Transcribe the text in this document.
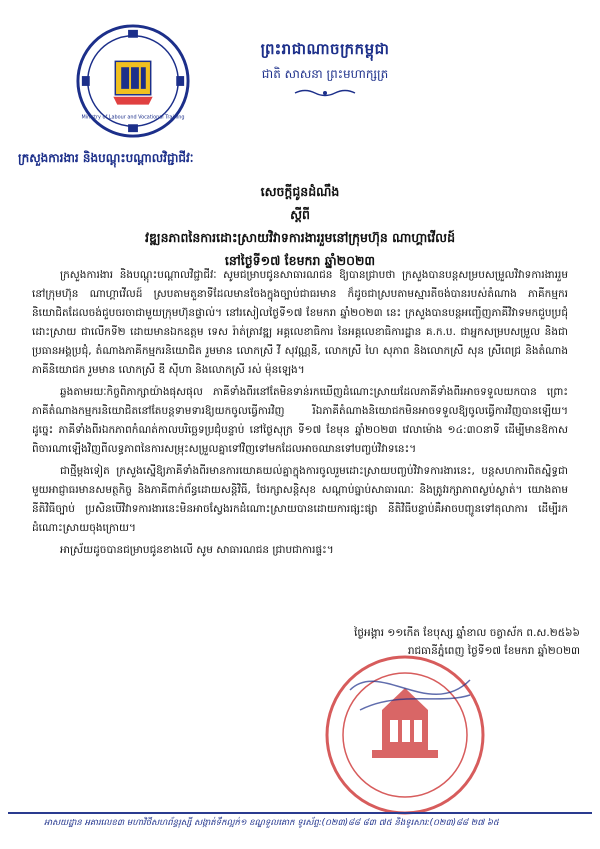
Ministry of Labour and Vocational Training
ព្រះរាជាណាចក្រកម្ពុជា
ជាតិ សាសនា ព្រះមហាក្សត្រ
ក្រសួងការងារ និងបណ្តុះបណ្តាលវិជ្ជាជីវៈ
សេចក្តីជូនដំណឹង
ស្តីពី
វឌ្ឍនភាពនៃការដោះស្រាយវិវាទការងាររួមនៅក្រុមហ៊ុន ណាហ្គាវើលដ៍
នៅថ្ងៃទី១៧ ខែមករា ឆ្នាំ២០២៣

ក្រសួងការងារ និងបណ្តុះបណ្តាលវិជ្ជាជីវៈ សូមជម្រាបជូនសាធារណជន ឱ្យបានជ្រាបថា ក្រសួងបានបន្តសម្របសម្រួលវិវាទការងាររួមនៅក្រុមហ៊ុន ណាហ្គាវើលដ៍ ស្របតាមតួនាទីដែលមានចែងក្នុងច្បាប់ជាធរមាន ក៏ដូចជាស្របតាមស្មារតីចង់បានរបស់តំណាង ភាគីកម្មករនិយោជិតដែលចង់ជួបចរចាជាមួយក្រុមហ៊ុនផ្ទាល់។ នៅរសៀលថ្ងៃទី១៧ ខែមករា ឆ្នាំ២០២៣ នេះ ក្រសួងបានបន្តអញ្ជើញភាគីវិវាទមកជួបប្រជុំដោះស្រាយ ជាលើកទី២ ដោយមានឯកឧត្តម ទេស រ៉ាត់ត្រាវឌ្ឍ អគ្គលេខាធិការ នៃអគ្គលេខាធិការដ្ឋាន គ.ក.ប. ជាអ្នកសម្របសម្រួល និងជាប្រធានអង្គប្រជុំ, តំណាងភាគីកម្មករនិយោជិត រួមមាន លោកស្រី វី សុវណ្ណនី, លោកស្រី ហៃ សុភាព និងលោកស្រី សុន ស្រីពេជ្រ និងតំណាងភាគីនិយោជក រួមមាន លោកស្រី ឌី ស៊ីហា និងលោកស្រី រស់ ម៉ុនឡេង។

ឆ្លងតាមរយៈកិច្ចពិភាក្សាយ៉ាងផុសផុល ភាគីទាំងពីរនៅតែមិនទាន់រកឃើញដំណោះស្រាយដែលភាគីទាំងពីរអាចទទួលយកបាន ព្រោះភាគីតំណាងកម្មករនិយោជិតនៅតែបន្តទាមទារឱ្យយកចូលធ្វើការវិញ រីឯភាគីតំណាងនិយោជកមិនអាចទទួលឱ្យចូលធ្វើការវិញបានឡើយ។ ដូច្នេះ ភាគីទាំងពីរឯកភាពកំណត់កាលបរិច្ឆេទប្រជុំបន្ទាប់ នៅថ្ងៃសុក្រ ទី១៧ ខែមុន ឆ្នាំ២០២៣ វេលាម៉ោង ១៤:៣០នាទី ដើម្បីមានឱកាសពិចារណាឡើងវិញពីលទ្ធភាពនៃការសម្រុះសម្រួលគ្នាទៅវិញទៅមកដែលអាចឈានទៅបញ្ចប់វិវាទនេះ។

ជាថ្មីម្តងទៀត ក្រសួងស្នើឱ្យភាគីទាំងពីរមានការយោគយល់គ្នាក្នុងការចូលរួមដោះស្រាយបញ្ចប់វិវាទការងារនេះ, បន្តសហការពិតស្និទ្ធជាមួយអាជ្ញាធរមានសមត្ថកិច្ច និងភាគីពាក់ព័ន្ធដោយសន្តិវិធី, ថែរក្សាសន្តិសុខ សណ្តាប់ធ្នាប់សាធារណៈ និងត្រូវរក្សាភាពស្ងប់ស្ងាត់។ យោងតាមនីតិវិធីច្បាប់ ប្រសិនបើវិវាទការងារនេះមិនអាចស្វែងរកដំណោះស្រាយបានដោយការផ្សះផ្សា នីតិវិធីបន្ទាប់គឺអាចបញ្ជូនទៅតុលាការ ដើម្បីរកដំណោះស្រាយចុងក្រោយ។

អាស្រ័យដូចបានជម្រាបជូនខាងលើ សូម សាធារណជន ជ្រាបជាការផ្ទះ។

ថ្ងៃអង្គារ ១១កើត ខែបុស្ស ឆ្នាំខាល ចត្វាស័ក ព.ស.២៥៦៦
រាជធានីភ្នំពេញ ថ្ងៃទី១៧ ខែមករា ឆ្នាំ២០២៣
អាសយដ្ឋាន អគារលេខ៣ មហាវិថីសហព័ន្ធរុស្សី សង្កាត់ទឹកល្អក់១ ខណ្ឌទួលគោក ទូរស័ព្ទ:(០២៣)៨៨ ៨៣ ៧៥ និងទូរសារ:(០២៣)៨៨ ២៧ ៦៥
